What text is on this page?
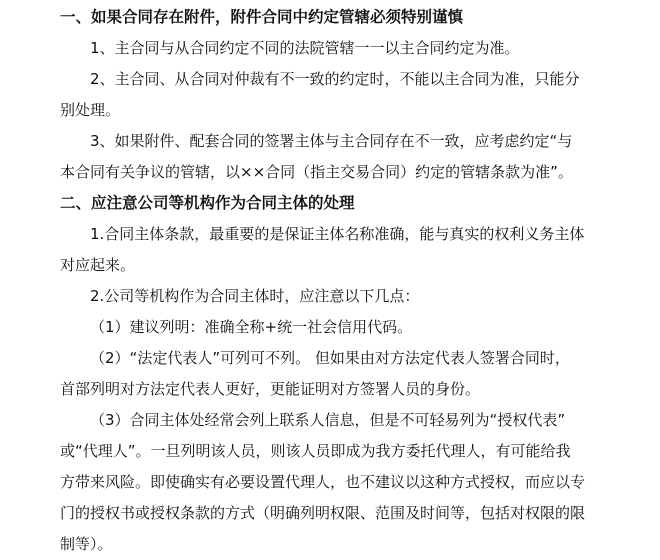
一、如果合同存在附件，附件合同中约定管辖必须特别谨慎

1、主合同与从合同约定不同的法院管辖一一以主合同约定为准。

2、主合同、从合同对仲裁有不一致的约定时，不能以主合同为准，只能分
别处理。

3、如果附件、配套合同的签署主体与主合同存在不一致，应考虑约定“与
本合同有关争议的管辖，以××合同（指主交易合同）约定的管辖条款为准”。

二、应注意公司等机构作为合同主体的处理

1.合同主体条款，最重要的是保证主体名称准确，能与真实的权利义务主体
对应起来。

2.公司等机构作为合同主体时，应注意以下几点：

（1）建议列明：准确全称+统一社会信用代码。

（2）“法定代表人”可列可不列。 但如果由对方法定代表人签署合同时，
首部列明对方法定代表人更好，更能证明对方签署人员的身份。

（3）合同主体处经常会列上联系人信息，但是不可轻易列为“授权代表”
或“代理人”。一旦列明该人员，则该人员即成为我方委托代理人，有可能给我
方带来风险。即使确实有必要设置代理人，也不建议以这种方式授权，而应以专
门的授权书或授权条款的方式（明确列明权限、范围及时间等，包括对权限的限
制等）。
